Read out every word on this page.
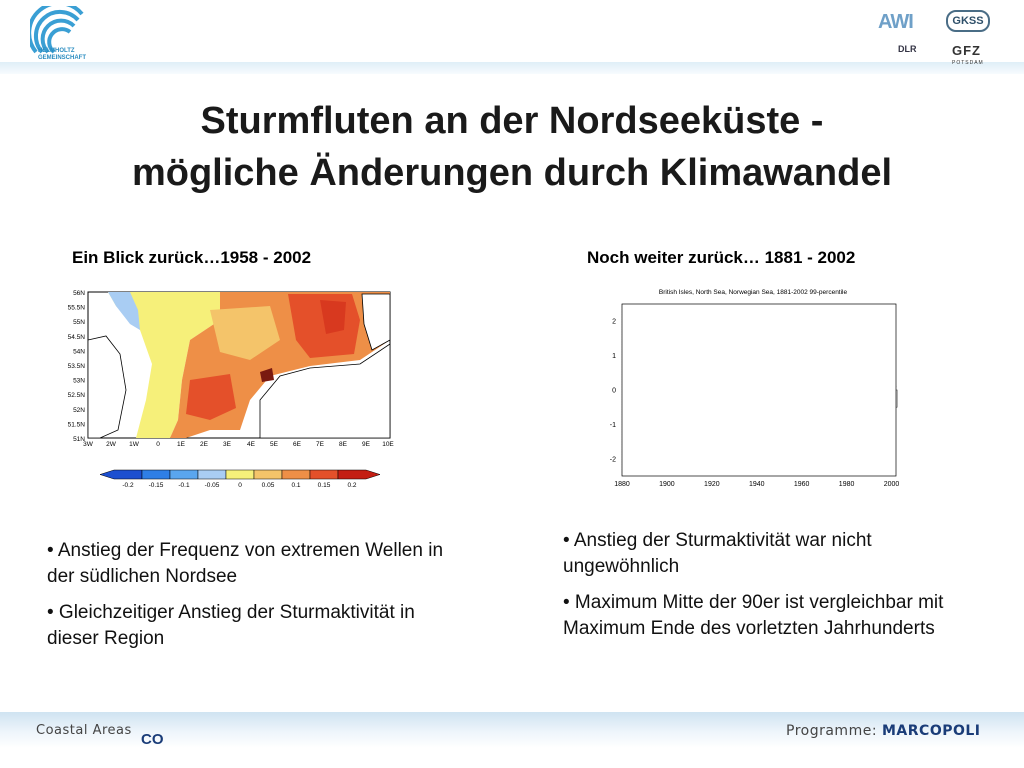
HELMHOLTZ
GEMEINSCHAFT
AWI	GKSS
DLR	GFZ
POTSDAM
Sturmfluten an der Nordseeküste -
mögliche Änderungen durch Klimawandel
Ein Blick zurück…1958 - 2002	Noch weiter zurück… 1881 - 2002
56N
55.5N
55N
54.5N
54N
53.5N
53N
52.5N
52N
51.5N
51N
3W 2W 1W	0	1E 2E 3E 4E 5E 6E 7E 8E 9E 10E
-0.2 -0.15 -0.1 -0.05	0	0.05	0.1	0.15	0.2
British Isles, North Sea, Norwegian Sea, 1881-2002 99-percentile
1880	1900	1920	1940	1960	1980	2000
-2
-1
0
1
2

• Anstieg der Frequenz von extremen Wellen in der südlichen Nordsee

• Gleichzeitiger Anstieg der Sturmaktivität in dieser Region

• Anstieg der Sturmaktivität war nicht ungewöhnlich

• Maximum Mitte der 90er ist vergleichbar mit Maximum Ende des vorletzten Jahrhunderts

Coastal Areas
CO	Programme: MARCOPOLI
